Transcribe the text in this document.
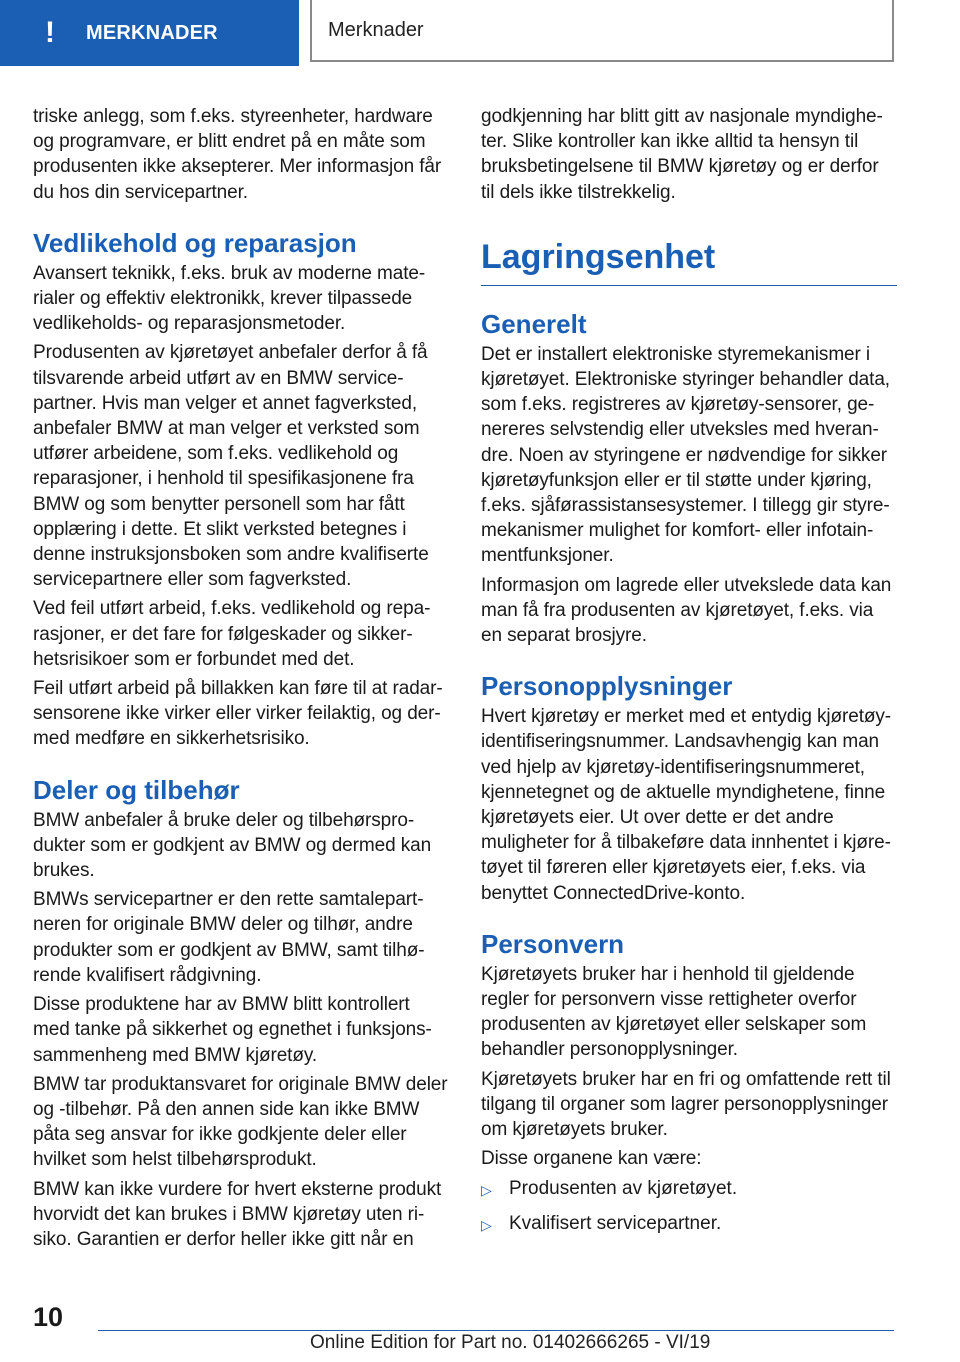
! MERKNADER	Merknader

triske anlegg, som f.eks. styreenheter, hardware og programvare, er blitt endret på en måte som produsenten ikke aksepterer. Mer informasjon får du hos din servicepartner.

Vedlikehold og reparasjon

Avansert teknikk, f.eks. bruk av moderne materialer og effektiv elektronikk, krever tilpassede vedlikeholds- og reparasjonsmetoder.

Produsenten av kjøretøyet anbefaler derfor å få tilsvarende arbeid utført av en BMW servicepartner. Hvis man velger et annet fagverksted, anbefaler BMW at man velger et verksted som utfører arbeidene, som f.eks. vedlikehold og reparasjoner, i henhold til spesifikasjonene fra BMW og som benytter personell som har fått opplæring i dette. Et slikt verksted betegnes i denne instruksjonsboken som andre kvalifiserte servicepartnere eller som fagverksted.

Ved feil utført arbeid, f.eks. vedlikehold og reparasjoner, er det fare for følgeskader og sikkerhetsrisikoer som er forbundet med det.

Feil utført arbeid på billakken kan føre til at radarsensorene ikke virker eller virker feilaktig, og dermed medføre en sikkerhetsrisiko.

Deler og tilbehør

BMW anbefaler å bruke deler og tilbehørsprodukter som er godkjent av BMW og dermed kan brukes.

BMWs servicepartner er den rette samtalepartneren for originale BMW deler og tilhør, andre produkter som er godkjent av BMW, samt tilhørende kvalifisert rådgivning.

Disse produktene har av BMW blitt kontrollert med tanke på sikkerhet og egnethet i funksjonssammenheng med BMW kjøretøy.

BMW tar produktansvaret for originale BMW deler og ‑tilbehør. På den annen side kan ikke BMW påta seg ansvar for ikke godkjente deler eller hvilket som helst tilbehørsprodukt.

BMW kan ikke vurdere for hvert eksterne produkt hvorvidt det kan brukes i BMW kjøretøy uten risiko. Garantien er derfor heller ikke gitt når en

godkjenning har blitt gitt av nasjonale myndigheter. Slike kontroller kan ikke alltid ta hensyn til bruksbetingelsene til BMW kjøretøy og er derfor til dels ikke tilstrekkelig.

Lagringsenhet
Generelt

Det er installert elektroniske styremekanismer i kjøretøyet. Elektroniske styringer behandler data, som f.eks. registreres av kjøretøy-sensorer, genereres selvstendig eller utveksles med hverandre. Noen av styringene er nødvendige for sikker kjøretøyfunksjon eller er til støtte under kjøring, f.eks. sjåførassistansesystemer. I tillegg gir styremekanismer mulighet for komfort- eller infotainmentfunksjoner.

Informasjon om lagrede eller utvekslede data kan man få fra produsenten av kjøretøyet, f.eks. via en separat brosjyre.

Personopplysninger

Hvert kjøretøy er merket med et entydig kjøretøy-identifiseringsnummer. Landsavhengig kan man ved hjelp av kjøretøy-identifiseringsnummeret, kjennetegnet og de aktuelle myndighetene, finne kjøretøyets eier. Ut over dette er det andre muligheter for å tilbakeføre data innhentet i kjøretøyet til føreren eller kjøretøyets eier, f.eks. via benyttet ConnectedDrive-konto.

Personvern

Kjøretøyets bruker har i henhold til gjeldende regler for personvern visse rettigheter overfor produsenten av kjøretøyet eller selskaper som behandler personopplysninger.

Kjøretøyets bruker har en fri og omfattende rett til tilgang til organer som lagrer personopplysninger om kjøretøyets bruker.

Disse organene kan være:

▷ Produsenten av kjøretøyet.
▷ Kvalifisert servicepartner.
10
Online Edition for Part no. 01402666265 - VI/19
